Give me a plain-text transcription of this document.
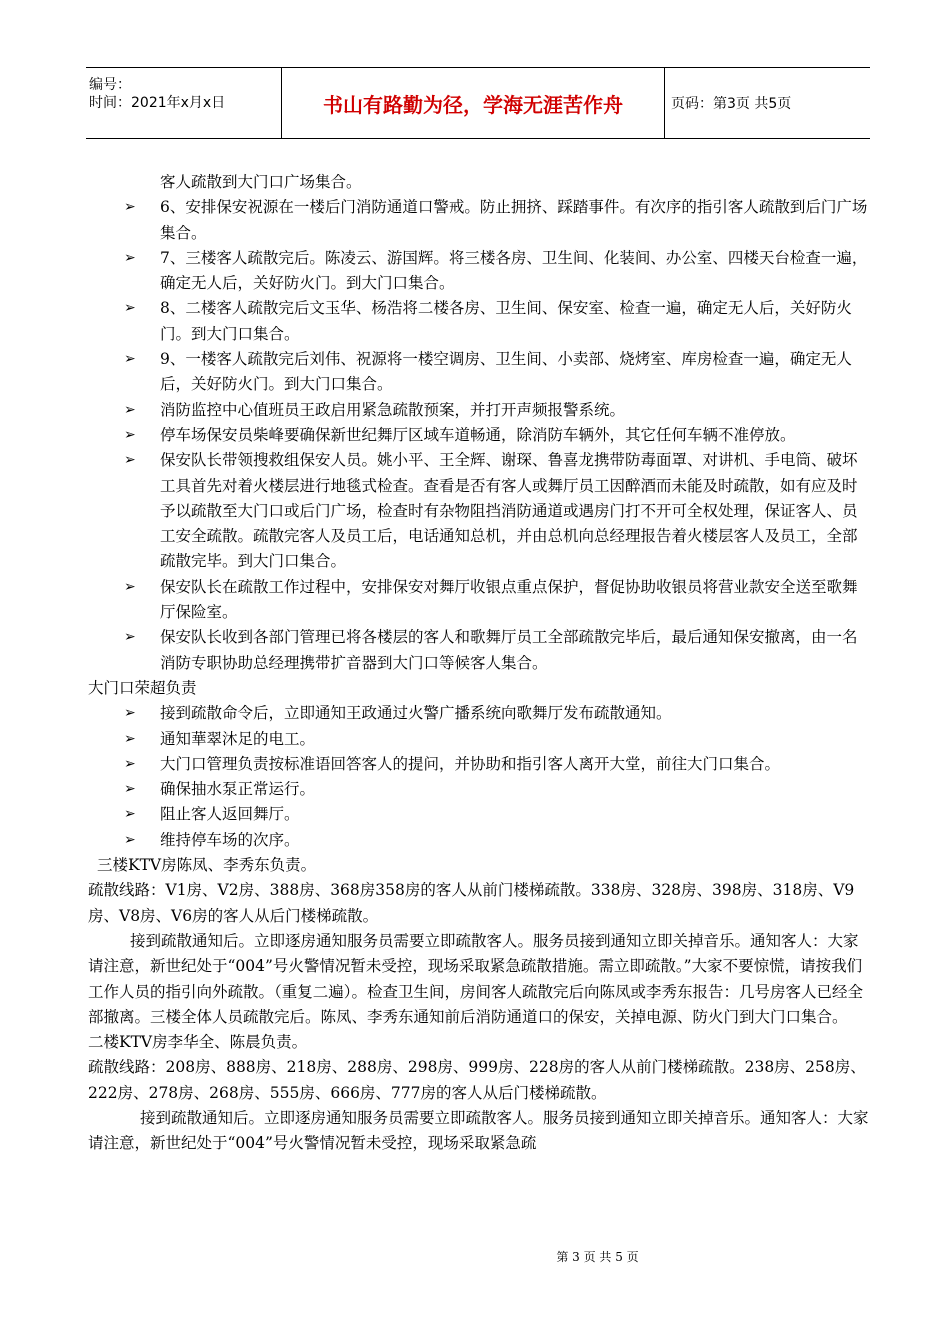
编号：
时间：2021年x月x日	书山有路勤为径，学海无涯苦作舟	页码：第3页 共5页
客人疏散到大门口广场集合。
➢ 6、安排保安祝源在一楼后门消防通道口警戒。防止拥挤、踩踏事件。有次序的指引客人疏散到后门广场集合。
➢ 7、三楼客人疏散完后。陈凌云、游国辉。将三楼各房、卫生间、化装间、办公室、四楼天台检查一遍，确定无人后，关好防火门。到大门口集合。
➢ 8、二楼客人疏散完后文玉华、杨浩将二楼各房、卫生间、保安室、检查一遍，确定无人后，关好防火门。到大门口集合。
➢ 9、一楼客人疏散完后刘伟、祝源将一楼空调房、卫生间、小卖部、烧烤室、库房检查一遍，确定无人后，关好防火门。到大门口集合。
➢ 消防监控中心值班员王政启用紧急疏散预案，并打开声频报警系统。
➢ 停车场保安员柴峰要确保新世纪舞厅区域车道畅通，除消防车辆外，其它任何车辆不准停放。
➢ 保安队长带领搜救组保安人员。姚小平、王全辉、谢琛、鲁喜龙携带防毒面罩、对讲机、手电筒、破坏工具首先对着火楼层进行地毯式检查。查看是否有客人或舞厅员工因醉酒而未能及时疏散，如有应及时予以疏散至大门口或后门广场，检查时有杂物阻挡消防通道或遇房门打不开可全权处理，保证客人、员工安全疏散。疏散完客人及员工后，电话通知总机，并由总机向总经理报告着火楼层客人及员工，全部疏散完毕。到大门口集合。
➢ 保安队长在疏散工作过程中，安排保安对舞厅收银点重点保护，督促协助收银员将营业款安全送至歌舞厅保险室。
➢ 保安队长收到各部门管理已将各楼层的客人和歌舞厅员工全部疏散完毕后，最后通知保安撤离，由一名消防专职协助总经理携带扩音器到大门口等候客人集合。
大门口荣超负责
➢ 接到疏散命令后，立即通知王政通过火警广播系统向歌舞厅发布疏散通知。
➢ 通知華翠沐足的电工。
➢ 大门口管理负责按标准语回答客人的提问，并协助和指引客人离开大堂，前往大门口集合。
➢ 确保抽水泵正常运行。
➢ 阻止客人返回舞厅。
➢ 维持停车场的次序。
三楼KTV房陈凤、李秀东负责。
疏散线路：V1房、V2房、388房、368房358房的客人从前门楼梯疏散。338房、328房、398房、318房、V9房、V8房、V6房的客人从后门楼梯疏散。
接到疏散通知后。立即逐房通知服务员需要立即疏散客人。服务员接到通知立即关掉音乐。通知客人：大家请注意，新世纪处于“004”号火警情况暂未受控，现场采取紧急疏散措施。需立即疏散。”大家不要惊慌，请按我们工作人员的指引向外疏散。（重复二遍）。检查卫生间，房间客人疏散完后向陈凤或李秀东报告：几号房客人已经全部撤离。三楼全体人员疏散完后。陈凤、李秀东通知前后消防通道口的保安，关掉电源、防火门到大门口集合。
二楼KTV房李华全、陈晨负责。
疏散线路：208房、888房、218房、288房、298房、999房、228房的客人从前门楼梯疏散。238房、258房、222房、278房、268房、555房、666房、777房的客人从后门楼梯疏散。
接到疏散通知后。立即逐房通知服务员需要立即疏散客人。服务员接到通知立即关掉音乐。通知客人：大家请注意，新世纪处于“004”号火警情况暂未受控，现场采取紧急疏
第 3 页 共 5 页
